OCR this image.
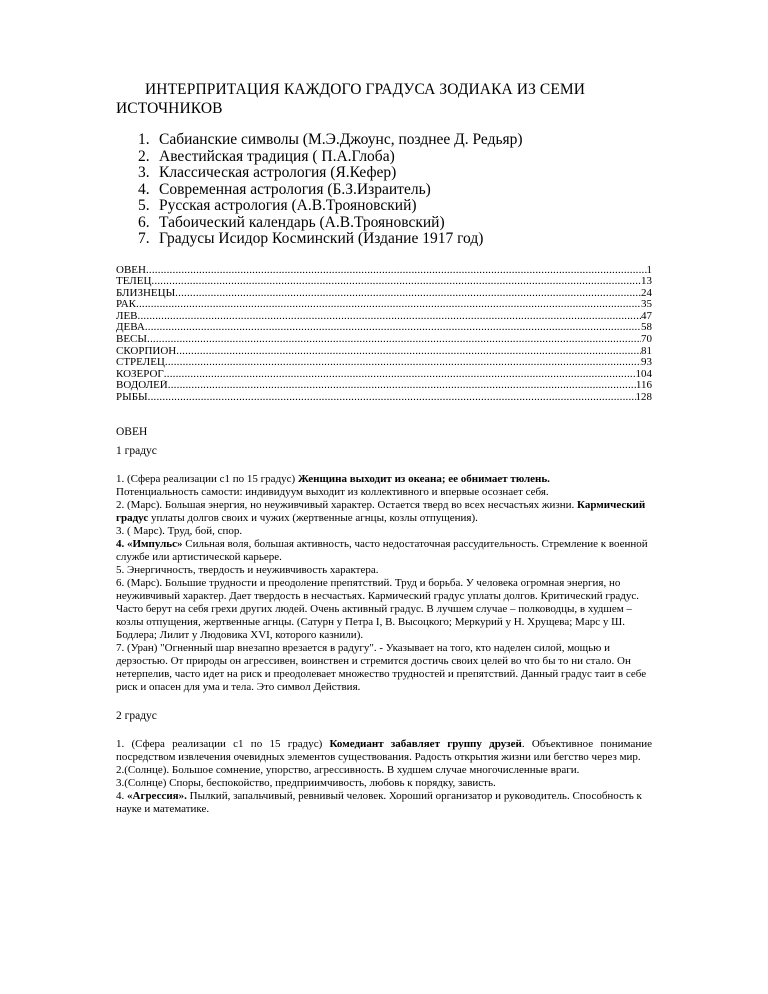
ИНТЕРПРИТАЦИЯ КАЖДОГО ГРАДУСА ЗОДИАКА ИЗ СЕМИ ИСТОЧНИКОВ
1. Сабианские символы (М.Э.Джоунс, позднее Д. Редьяр)
2. Авестийская традиция ( П.А.Глоба)
3. Классическая астрология (Я.Кефер)
4. Современная астрология (Б.З.Израитель)
5. Русская астрология (А.В.Трояновский)
6. Табоический календарь (А.В.Трояновский)
7. Градусы Исидор Косминский (Издание 1917 год)
ОВЕН .....	1
ТЕЛЕЦ .....	13
БЛИЗНЕЦЫ .....	24
РАК .....	35
ЛЕВ .....	47
ДЕВА .....	58
ВЕСЫ .....	70
СКОРПИОН .....	81
СТРЕЛЕЦ .....	93
КОЗЕРОГ .....	104
ВОДОЛЕЙ .....	116
РЫБЫ .....	128
ОВЕН
1 градус

1. (Сфера реализации с1 по 15 градус) Женщина выходит из океана; ее обнимает тюлень.
Потенциальность самости: индивидуум выходит из коллективного и впервые осознает себя.

2. (Марс). Большая энергия, но неуживчивый характер. Остается тверд во всех несчастьях жизни. Кармический градус уплаты долгов своих и чужих (жертвенные агнцы, козлы отпущения).

3. ( Марс). Труд, бой, спор.

4. «Импульс» Сильная воля, большая активность, часто недостаточная рассудительность. Стремление к военной службе или артистической карьере.

5. Энергичность, твердость и неуживчивость характера.

6. (Марс). Большие трудности и преодоление препятствий. Труд и борьба. У человека огромная энергия, но неуживчивый характер. Дает твердость в несчастьях. Кармический градус уплаты долгов. Критический градус. Часто берут на себя грехи других людей. Очень активный градус. В лучшем случае – полководцы, в худшем – козлы отпущения, жертвенные агнцы. (Сатурн у Петра I, В. Высоцкого; Меркурий у Н. Хрущева; Марс у Ш. Бодлера; Лилит у Людовика XVI, которого казнили).

7. (Уран) "Огненный шар внезапно врезается в радугу". - Указывает на того, кто наделен силой, мощью и дерзостью. От природы он агрессивен, воинствен и стремится достичь своих целей во что бы то ни стало. Он нетерпелив, часто идет на риск и преодолевает множество трудностей и препятствий. Данный градус таит в себе риск и опасен для ума и тела. Это символ Действия.

2 градус

1. (Сфера реализации с1 по 15 градус) Комедиант забавляет группу друзей. Объективное понимание посредством извлечения очевидных элементов существования. Радость открытия жизни или бегство через мир.

2.(Солнце). Большое сомнение, упорство, агрессивность. В худшем случае многочисленные враги.

3.(Солнце) Споры, беспокойство, предприимчивость, любовь к порядку, зависть.

4. «Агрессия». Пылкий, запальчивый, ревнивый человек. Хороший организатор и руководитель. Способность к науке и математике.
